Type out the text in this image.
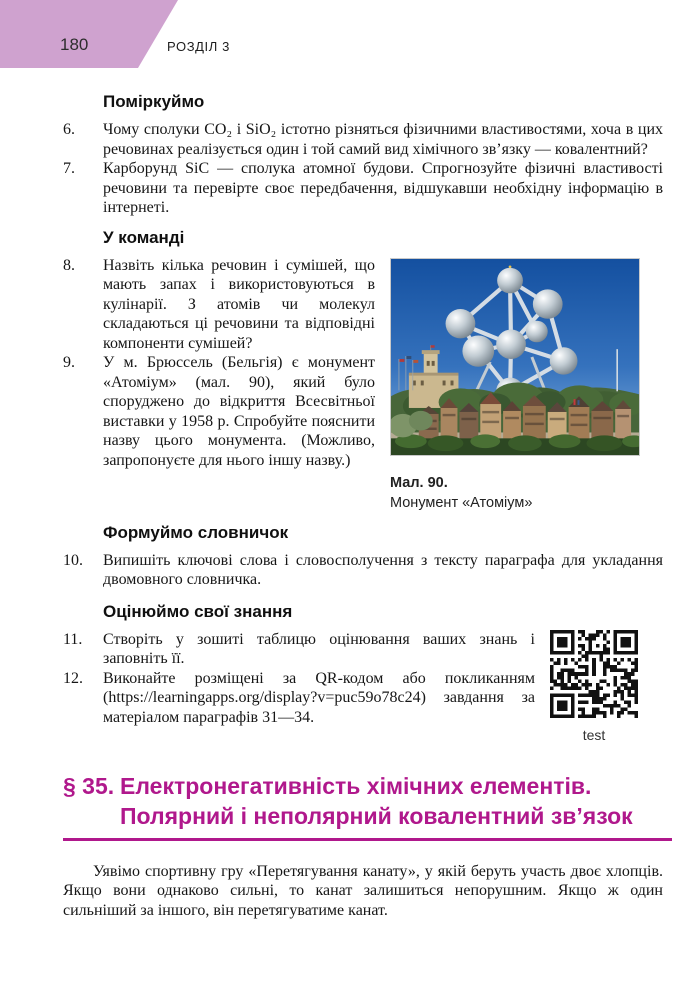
180	РОЗДІЛ 3
Поміркуймо
6.	Чому сполуки CO₂ і SiO₂ істотно різняться фізичними властивостями, хоча в цих речовинах реалізується один і той самий вид хімічного зв’язку — ковалентний?

7.	Карборунд SiC — сполука атомної будови. Спрогнозуйте фізичні властивості речовини та перевірте своє передбачення, відшукавши необхідну інформацію в інтернеті.

У команді
8.	Назвіть кілька речовин і сумішей, що мають запах і використовуються в кулінарії. З атомів чи молекул складаються ці речовини та відповідні компоненти сумішей?

9.	У м. Брюссель (Бельгія) є монумент «Атоміум» (мал. 90), який було споруджено до відкриття Всесвітньої виставки у 1958 р. Спробуйте пояснити назву цього монумента. (Можливо, запропонуєте для нього іншу назву.)

Мал. 90.
Монумент «Атоміум»
Формуймо словничок
10.	Випишіть ключові слова і словосполучення з тексту параграфа для укладання двомовного словничка.

Оцінюймо свої знання
11.	Створіть у зошиті таблицю оцінювання ваших знань і заповніть її.

12.	Виконайте розміщені за QR-кодом або покликанням (https://learningapps.org/display?v=puc59o78c24) завдання за матеріалом параграфів 31—34.

test
§ 35. Електронегативність хімічних елементів. Полярний і неполярний ковалентний зв’язок

Уявімо спортивну гру «Перетягування канату», у якій беруть участь двоє хлопців. Якщо вони однаково сильні, то канат залишиться непорушним. Якщо ж один сильніший за іншого, він перетягуватиме канат.
